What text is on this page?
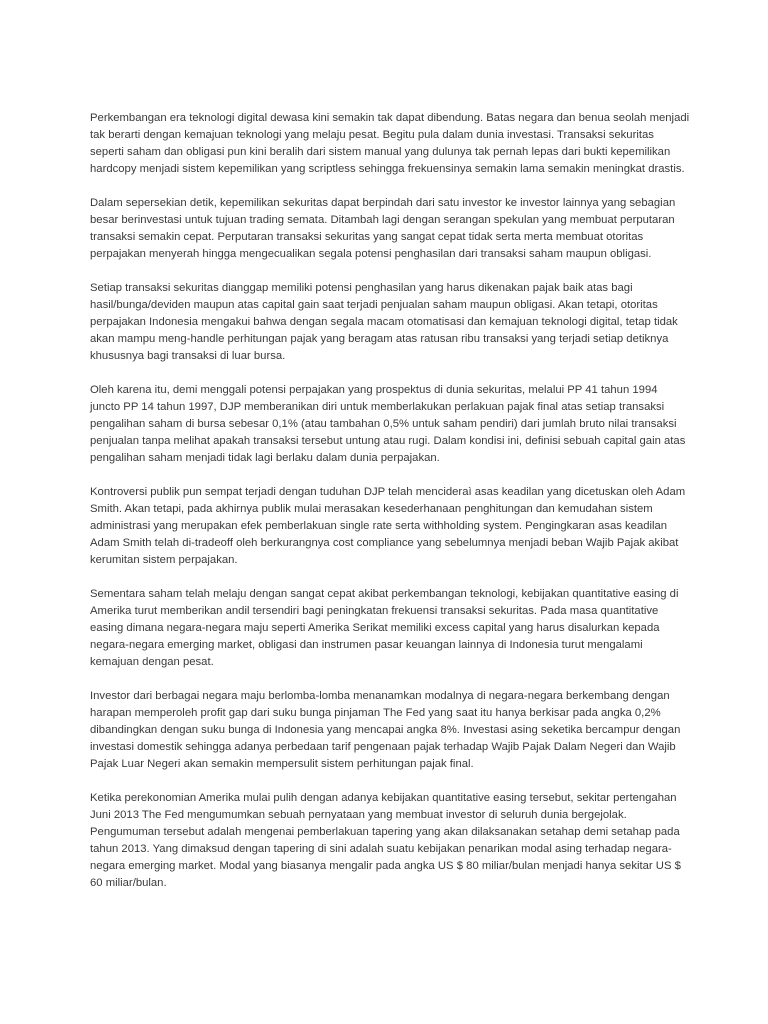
Perkembangan era teknologi digital dewasa kini semakin tak dapat dibendung. Batas negara dan benua seolah menjadi tak berarti dengan kemajuan teknologi yang melaju pesat. Begitu pula dalam dunia investasi. Transaksi sekuritas seperti saham dan obligasi pun kini beralih dari sistem manual yang dulunya tak pernah lepas dari bukti kepemilikan hardcopy menjadi sistem kepemilikan yang scriptless sehingga frekuensinya semakin lama semakin meningkat drastis.

Dalam sepersekian detik, kepemilikan sekuritas dapat berpindah dari satu investor ke investor lainnya yang sebagian besar berinvestasi untuk tujuan trading semata. Ditambah lagi dengan serangan spekulan yang membuat perputaran transaksi semakin cepat. Perputaran transaksi sekuritas yang sangat cepat tidak serta merta membuat otoritas perpajakan menyerah hingga mengecualikan segala potensi penghasilan dari transaksi saham maupun obligasi.

Setiap transaksi sekuritas dianggap memiliki potensi penghasilan yang harus dikenakan pajak baik atas bagi hasil/bunga/deviden maupun atas capital gain saat terjadi penjualan saham maupun obligasi. Akan tetapi, otoritas perpajakan Indonesia mengakui bahwa dengan segala macam otomatisasi dan kemajuan teknologi digital, tetap tidak akan mampu meng-handle perhitungan pajak yang beragam atas ratusan ribu transaksi yang terjadi setiap detiknya khususnya bagi transaksi di luar bursa.

Oleh karena itu, demi menggali potensi perpajakan yang prospektus di dunia sekuritas, melalui PP 41 tahun 1994 juncto PP 14 tahun 1997, DJP memberanikan diri untuk memberlakukan perlakuan pajak final atas setiap transaksi pengalihan saham di bursa sebesar 0,1% (atau tambahan 0,5% untuk saham pendiri) dari jumlah bruto nilai transaksi penjualan tanpa melihat apakah transaksi tersebut untung atau rugi. Dalam kondisi ini, definisi sebuah capital gain atas pengalihan saham menjadi tidak lagi berlaku dalam dunia perpajakan.

Kontroversi publik pun sempat terjadi dengan tuduhan DJP telah mencideraì asas keadilan yang dicetuskan oleh Adam Smith. Akan tetapi, pada akhirnya publik mulai merasakan kesederhanaan penghitungan dan kemudahan sistem administrasi yang merupakan efek pemberlakuan single rate serta withholding system. Pengingkaran asas keadilan Adam Smith telah di-tradeoff oleh berkurangnya cost compliance yang sebelumnya menjadi beban Wajib Pajak akibat kerumitan sistem perpajakan.

Sementara saham telah melaju dengan sangat cepat akibat perkembangan teknologi, kebijakan quantitative easing di Amerika turut memberikan andil tersendiri bagi peningkatan frekuensi transaksi sekuritas. Pada masa quantitative easing dimana negara-negara maju seperti Amerika Serikat memiliki excess capital yang harus disalurkan kepada negara-negara emerging market, obligasi dan instrumen pasar keuangan lainnya di Indonesia turut mengalami kemajuan dengan pesat.

Investor dari berbagai negara maju berlomba-lomba menanamkan modalnya di negara-negara berkembang dengan harapan memperoleh profit gap dari suku bunga pinjaman The Fed yang saat itu hanya berkisar pada angka 0,2% dibandingkan dengan suku bunga di Indonesia yang mencapai angka 8%. Investasi asing seketika bercampur dengan investasi domestik sehingga adanya perbedaan tarif pengenaan pajak terhadap Wajib Pajak Dalam Negeri dan Wajib Pajak Luar Negeri akan semakin mempersulit sistem perhitungan pajak final.

Ketika perekonomian Amerika mulai pulih dengan adanya kebijakan quantitative easing tersebut, sekitar pertengahan Juni 2013 The Fed mengumumkan sebuah pernyataan yang membuat investor di seluruh dunia bergejolak. Pengumuman tersebut adalah mengenai pemberlakuan tapering yang akan dilaksanakan setahap demi setahap pada tahun 2013. Yang dimaksud dengan tapering di sini adalah suatu kebijakan penarikan modal asing terhadap negara-negara emerging market. Modal yang biasanya mengalir pada angka US $ 80 miliar/bulan menjadi hanya sekitar US $ 60 miliar/bulan.
